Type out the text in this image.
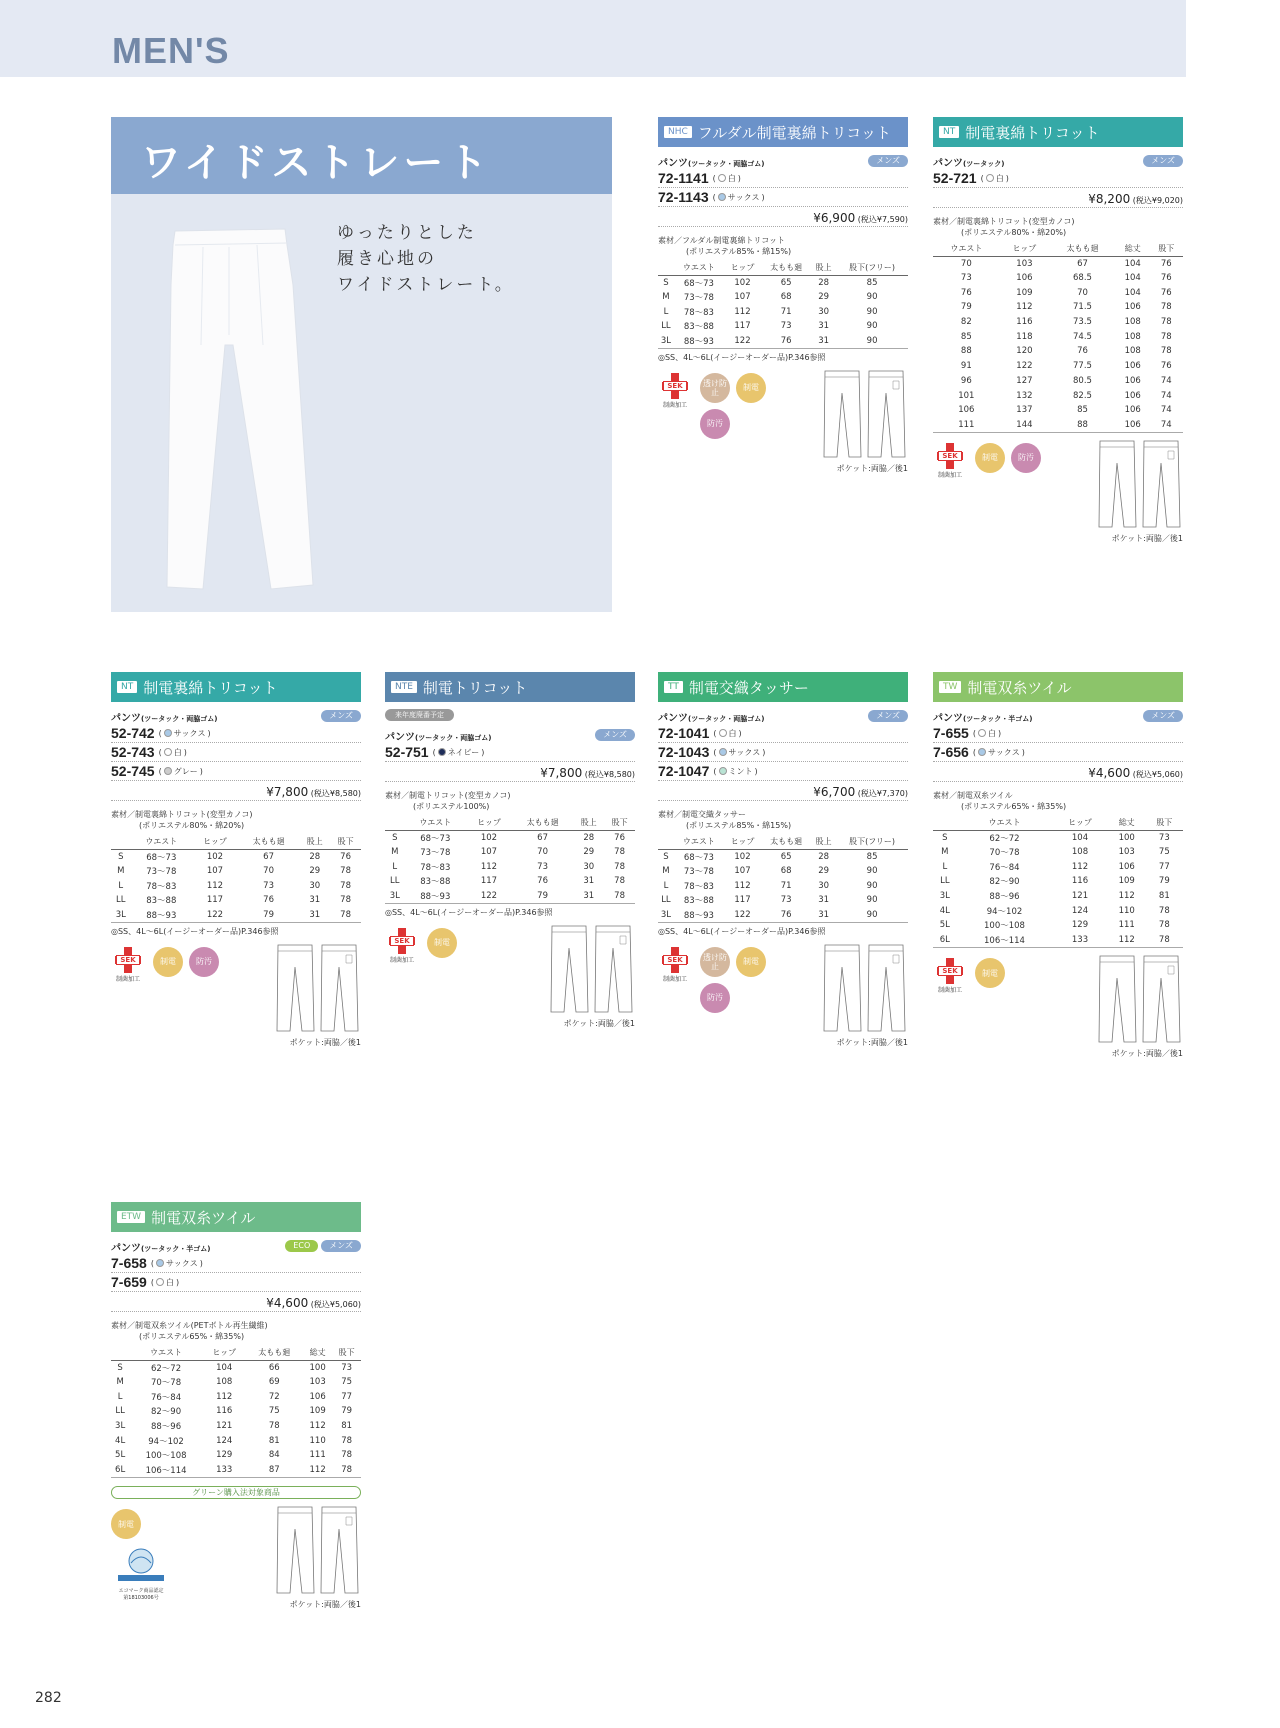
MEN'S
ワイドストレート
ゆったりとした
履き心地の
ワイドストレート。
NHC フルダル制電裏綿トリコット
パンツ(ツータック・両脇ゴム)	メンズ
72-1141 ( 白 )
72-1143 ( サックス )
¥6,900 (税込¥7,590)
素材／フルダル制電裏綿トリコット
(ポリエステル85%・綿15%)
	ウエスト	ヒップ	太もも廻	股上	股下(フリー)
S	68〜73	102	65	28	85
M	73〜78	107	68	29	90
L	78〜83	112	71	30	90
LL	83〜88	117	73	31	90
3L	88〜93	122	76	31	90
◎SS、4L〜6L(イージーオーダー品)P.346参照
SEK
制菌加工
透け防止	制電
防汚
ポケット:両脇／後1
NT 制電裏綿トリコット
パンツ(ツータック)	メンズ
52-721 ( 白 )
¥8,200 (税込¥9,020)
素材／制電裏綿トリコット(変型カノコ)
(ポリエステル80%・綿20%)
ウエスト	ヒップ	太もも廻	総丈	股下
70	103	67	104	76
73	106	68.5	104	76
76	109	70	104	76
79	112	71.5	106	78
82	116	73.5	108	78
85	118	74.5	108	78
88	120	76	108	78
91	122	77.5	106	76
96	127	80.5	106	74
101	132	82.5	106	74
106	137	85	106	74
111	144	88	106	74
SEK
制菌加工
制電	防汚
ポケット:両脇／後1
NT 制電裏綿トリコット
パンツ(ツータック・両脇ゴム)	メンズ
52-742 ( サックス )
52-743 ( 白 )
52-745 ( グレー )
¥7,800 (税込¥8,580)
素材／制電裏綿トリコット(変型カノコ)
(ポリエステル80%・綿20%)
	ウエスト	ヒップ	太もも廻	股上	股下
S	68〜73	102	67	28	76
M	73〜78	107	70	29	78
L	78〜83	112	73	30	78
LL	83〜88	117	76	31	78
3L	88〜93	122	79	31	78
◎SS、4L〜6L(イージーオーダー品)P.346参照
SEK
制菌加工
制電	防汚
ポケット:両脇／後1
NTE 制電トリコット
来年度廃番予定
パンツ(ツータック・両脇ゴム)	メンズ
52-751 ( ネイビー )
¥7,800 (税込¥8,580)
素材／制電トリコット(変型カノコ)
(ポリエステル100%)
	ウエスト	ヒップ	太もも廻	股上	股下
S	68〜73	102	67	28	76
M	73〜78	107	70	29	78
L	78〜83	112	73	30	78
LL	83〜88	117	76	31	78
3L	88〜93	122	79	31	78
◎SS、4L〜6L(イージーオーダー品)P.346参照
SEK
制菌加工
制電
ポケット:両脇／後1
TT 制電交織タッサー
パンツ(ツータック・両脇ゴム)	メンズ
72-1041 ( 白 )
72-1043 ( サックス )
72-1047 ( ミント )
¥6,700 (税込¥7,370)
素材／制電交織タッサー
(ポリエステル85%・綿15%)
	ウエスト	ヒップ	太もも廻	股上	股下(フリー)
S	68〜73	102	65	28	85
M	73〜78	107	68	29	90
L	78〜83	112	71	30	90
LL	83〜88	117	73	31	90
3L	88〜93	122	76	31	90
◎SS、4L〜6L(イージーオーダー品)P.346参照
SEK
制菌加工
透け防止	制電
防汚
ポケット:両脇／後1
TW 制電双糸ツイル
パンツ(ツータック・半ゴム)	メンズ
7-655 ( 白 )
7-656 ( サックス )
¥4,600 (税込¥5,060)
素材／制電双糸ツイル
(ポリエステル65%・綿35%)
	ウエスト	ヒップ	総丈	股下
S	62〜72	104	100	73
M	70〜78	108	103	75
L	76〜84	112	106	77
LL	82〜90	116	109	79
3L	88〜96	121	112	81
4L	94〜102	124	110	78
5L	100〜108	129	111	78
6L	106〜114	133	112	78
SEK
制菌加工
制電
ポケット:両脇／後1
ETW 制電双糸ツイル
パンツ(ツータック・半ゴム)	ECO	メンズ
7-658 ( サックス )
7-659 ( 白 )
¥4,600 (税込¥5,060)
素材／制電双糸ツイル(PETボトル再生繊維)
(ポリエステル65%・綿35%)
	ウエスト	ヒップ	太もも廻	総丈	股下
S	62〜72	104	66	100	73
M	70〜78	108	69	103	75
L	76〜84	112	72	106	77
LL	82〜90	116	75	109	79
3L	88〜96	121	78	112	81
4L	94〜102	124	81	110	78
5L	100〜108	129	84	111	78
6L	106〜114	133	87	112	78
グリーン購入法対象商品
制電
エコマーク商品認定
第18103006号
ポケット:両脇／後1
282
